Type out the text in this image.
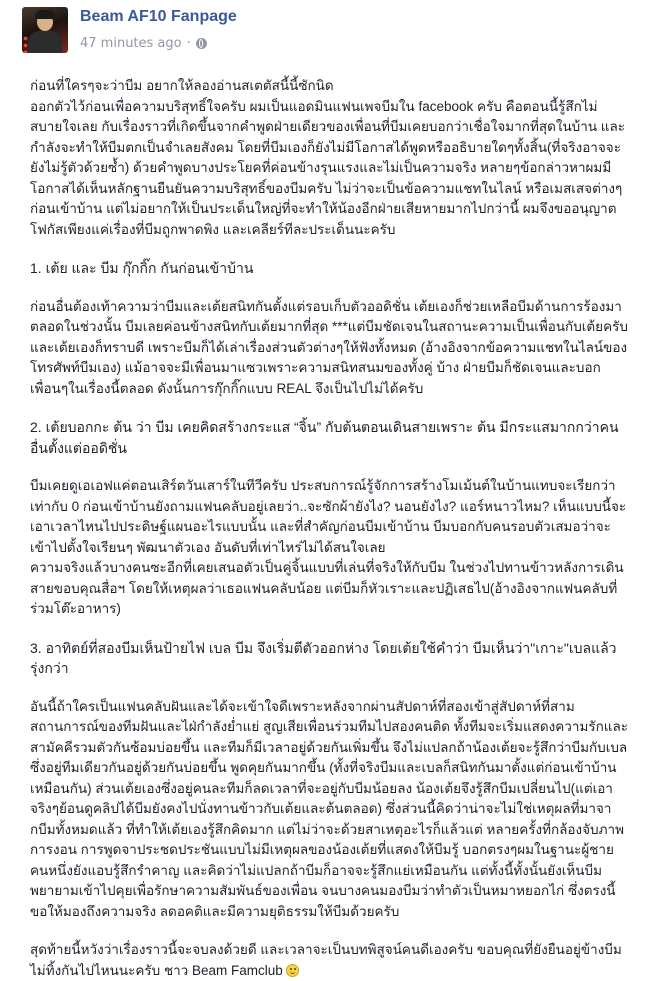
Beam AF10 Fanpage
47 minutes ago ·

ก่อนที่ใครๆจะว่าบีม อยากให้ลองอ่านสเตตัสนี้นี้ซักนิด

ออกตัวไว้ก่อนเพื่อความบริสุทธิ์ใจครับ ผมเป็นแอดมินแฟนเพจบีมใน facebook ครับ คือตอนนี้รู้สึกไม่สบายใจเลย กับเรื่องราวที่เกิดขึ้นจากคำพูดฝ่ายเดียวของเพื่อนที่บีมเคยบอกว่าเชื่อใจมากที่สุดในบ้าน และกำลังจะทำให้บีมตกเป็นจำเลยสังคม โดยที่บีมเองก็ยังไม่มีโอกาสได้พูดหรืออธิบายใดๆทั้งสิ้น(ที่จริงอาจจะยังไม่รู้ตัวด้วยซ้ำ) ด้วยคำพูดบางประโยคที่ค่อนข้างรุนแรงและไม่เป็นความจริง หลายๆข้อกล่าวหาผมมีโอกาสได้เห็นหลักฐานยืนยันความบริสุทธิ์ของบีมครับ ไม่ว่าจะเป็นข้อความแชทในไลน์ หรือเมสเสจต่างๆ ก่อนเข้าบ้าน แต่ไม่อยากให้เป็นประเด็นใหญ่ที่จะทำให้น้องอีกฝ่ายเสียหายมากไปกว่านี้ ผมจึงขออนุญาตโฟกัสเพียงแค่เรื่องที่บีมถูกพาดพิง และเคลียร์ทีละประเด็นนะครับ

1. เต้ย และ บีม กุ๊กกิ๊ก กันก่อนเข้าบ้าน

ก่อนอื่นต้องเท้าความว่าบีมและเต้ยสนิทกันตั้งแต่รอบเก็บตัวออดิชั่น เต้ยเองก็ช่วยเหลือบีมด้านการร้องมาตลอดในช่วงนั้น บีมเลยค่อนข้างสนิทกับเต้ยมากที่สุด ***แต่บีมชัดเจนในสถานะความเป็นเพื่อนกับเต้ยครับ และเต้ยเองก็ทราบดี เพราะบีมก็ได้เล่าเรื่องส่วนตัวต่างๆให้ฟังทั้งหมด (อ้างอิงจากข้อความแชทในไลน์ของโทรศัพท์บีมเอง) แม้อาจจะมีเพื่อนมาแซวเพราะความสนิทสนมของทั้งคู่ บ้าง ฝ่ายบีมก็ชัดเจนและบอกเพื่อนๆในเรื่องนี้ตลอด ดังนั้นการกุ๊กกิ๊กแบบ REAL จึงเป็นไปไม่ได้ครับ

2. เต้ยบอกกะ ต้น ว่า บีม เคยคิดสร้างกระแส “จิ้น” กับต้นตอนเดินสายเพราะ ต้น มีกระแสมากกว่าคนอื่นตั้งแต่ออดิชั่น

บีมเคยดูเอเอฟแค่ตอนเสิร์ตวันเสาร์ในทีวีครับ ประสบการณ์รู้จักการสร้างโมเม้นต์ในบ้านแทบจะเรียกว่าเท่ากับ 0 ก่อนเข้าบ้านยังถามแฟนคลับอยู่เลยว่า..จะซักผ้ายังไง? นอนยังไง? แอร์หนาวไหม? เห็นแบบนี้จะเอาเวลาไหนไปประดิษฐ์แผนอะไรแบบนั้น และที่สำคัญก่อนบีมเข้าบ้าน บีมบอกกับคนรอบตัวเสมอว่าจะเข้าไปตั้งใจเรียนๆ พัฒนาตัวเอง อันดับที่เท่าไหร่ไม่ได้สนใจเลย

ความจริงแล้วบางคนซะอีกที่เคยเสนอตัวเป็นคู่จิ้นแบบที่เล่นที่จริงให้กับบีม ในช่วงไปทานข้าวหลังการเดินสายขอบคุณสื่อฯ โดยให้เหตุผลว่าเธอแฟนคลับน้อย แต่บีมก็หัวเราะและปฏิเสธไป(อ้างอิงจากแฟนคลับที่ร่วมโต๊ะอาหาร)

3. อาทิตย์ที่สองบีมเห็นป้ายไฟ เบล บีม จึงเริ่มตีตัวออกห่าง โดยเต้ยใช้คำว่า บีมเห็นว่า"เกาะ"เบลแล้วรุ่งกว่า

อันนี้ถ้าใครเป็นแฟนคลับฝันและได้จะเข้าใจดีเพราะหลังจากผ่านสัปดาห์ที่สองเข้าสู่สัปดาห์ที่สามสถานการณ์ของทีมฝันและไฝ่กำลังย่ำแย่ สูญเสียเพื่อนร่วมทีมไปสองคนติด ทั้งทีมจะเริ่มแสดงความรักและสามัคคีรวมตัวกันซ้อมบ่อยขึ้น และทีมก็มีเวลาอยู่ด้วยกันเพิ่มขึ้น จึงไม่แปลกถ้าน้องเต้ยจะรู้สึกว่าบีมกับเบลซึ่งอยู่ทีมเดียวกันอยู่ด้วยกันบ่อยขึ้น พูดคุยกันมากขึ้น (ทั้งที่จริงบีมและเบลก็สนิทกันมาตั้งแต่ก่อนเข้าบ้านเหมือนกัน) ส่วนเต้ยเองซึ่งอยู่คนละทีมก็ลดเวลาที่จะอยู่กับบีมน้อยลง น้องเต้ยจึงรู้สึกบีมเปลี่ยนไป(แต่เอาจริงๆย้อนดูคลิปได้บีมยังคงไปนั่งทานข้าวกับเต้ยและต้นตลอด) ซึ่งส่วนนี้คิดว่าน่าจะไม่ใช่เหตุผลที่มาจากบีมทั้งหมดแล้ว ที่ทำให้เต้ยเองรู้สึกคิดมาก แต่ไม่ว่าจะด้วยสาเหตุอะไรก็แล้วแต่ หลายครั้งที่กล้องจับภาพการงอน การพูดจาประชดประชันแบบไม่มีเหตุผลของน้องเต้ยที่แสดงให้บีมรู้ บอกตรงๆผมในฐานะผู้ชายคนหนึ่งยังแอบรู้สึกรำคาญ และคิดว่าไม่แปลกถ้าบีมก็อาจจะรู้สึกแย่เหมือนกัน แต่ทั้งนี้ทั้งนั้นยังเห็นบีมพยายามเข้าไปคุยเพื่อรักษาความสัมพันธ์ของเพื่อน จนบางคนมองบีมว่าทำตัวเป็นหมาหยอกไก่ ซึ่งตรงนี้ขอให้มองถึงความจริง ลดอคติและมีความยุติธรรมให้บีมด้วยครับ

สุดท้ายนี้หวังว่าเรื่องราวนี้จะจบลงด้วยดี และเวลาจะเป็นบทพิสูจน์คนดีเองครับ ขอบคุณที่ยังยืนอยู่ข้างบีม ไม่ทิ้งกันไปไหนนะครับ ชาว Beam Famclub
